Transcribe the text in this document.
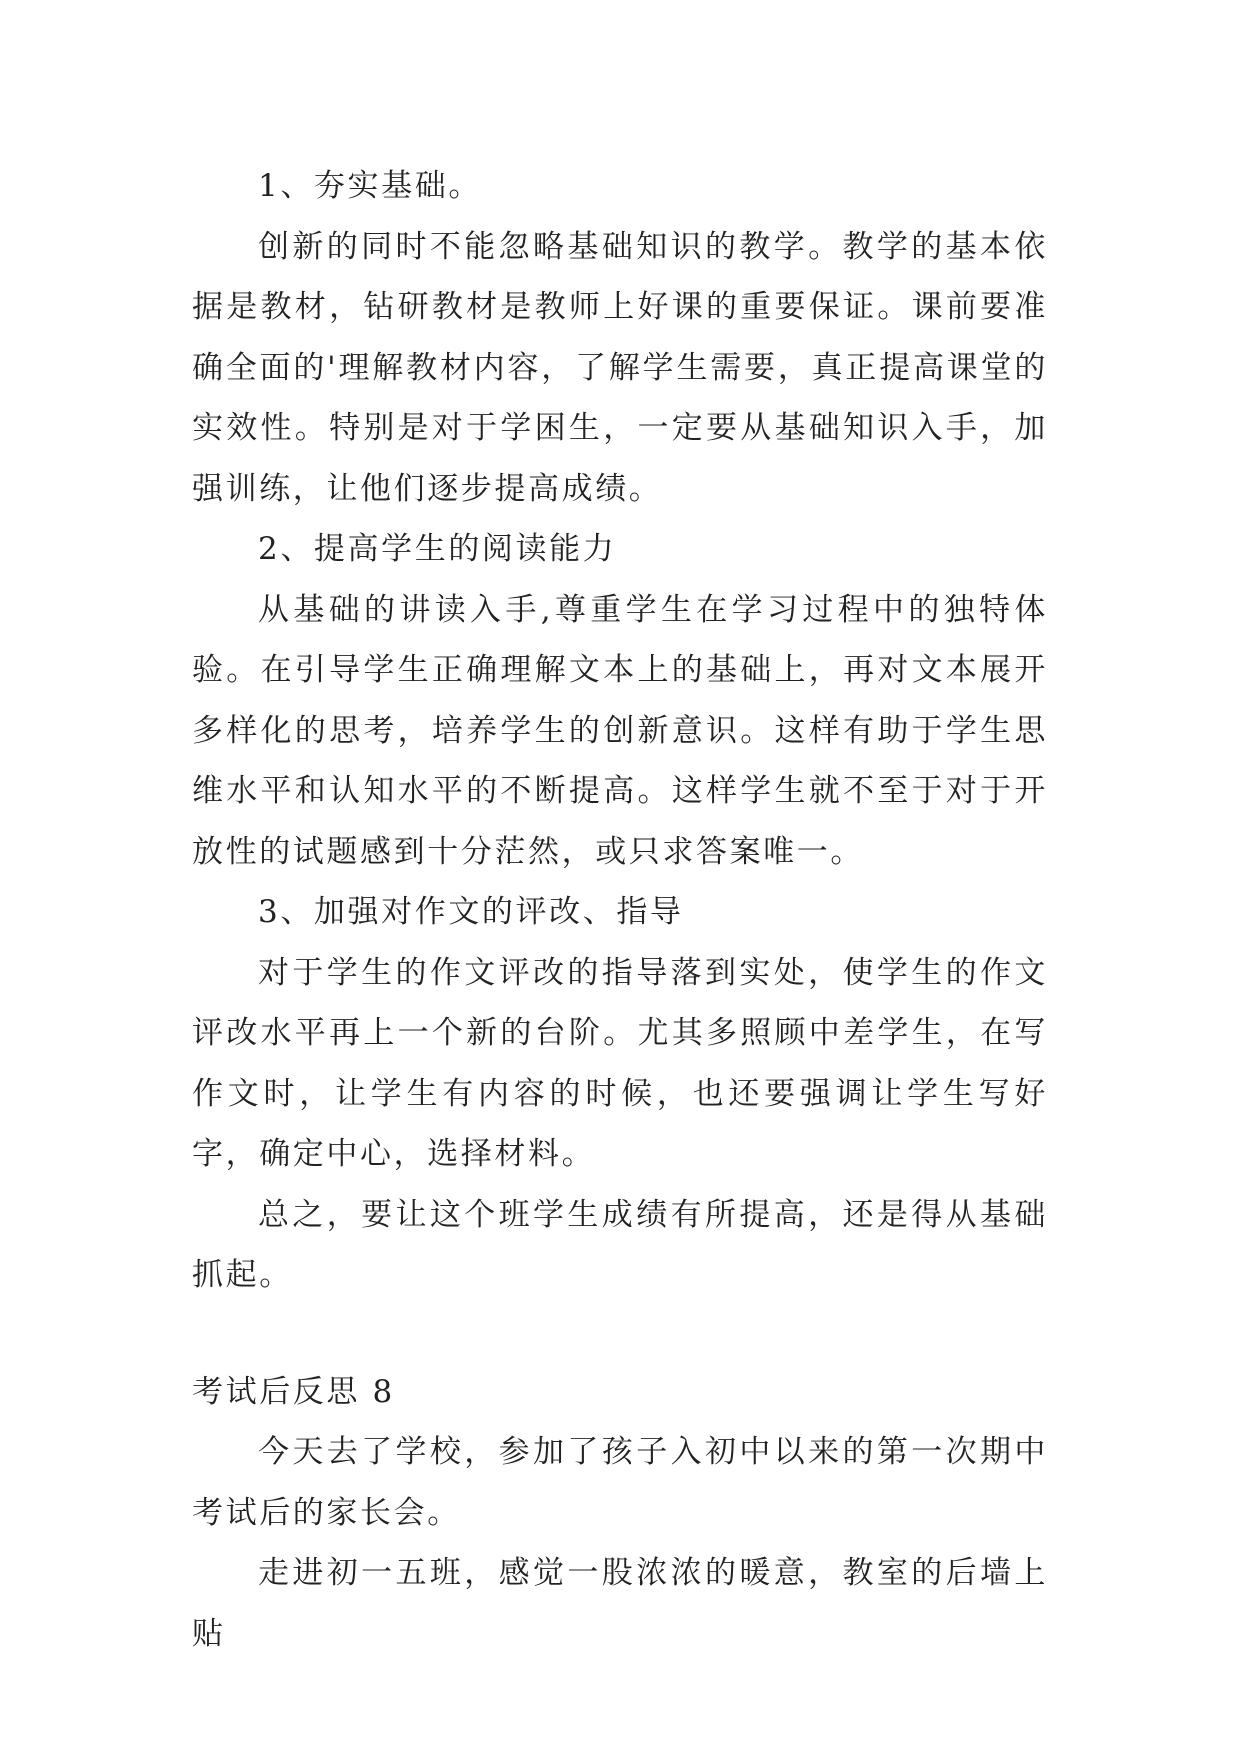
1、夯实基础。

创新的同时不能忽略基础知识的教学。教学的基本依据是教材，钻研教材是教师上好课的重要保证。课前要准确全面的'理解教材内容，了解学生需要，真正提高课堂的实效性。特别是对于学困生，一定要从基础知识入手，加强训练，让他们逐步提高成绩。

2、提高学生的阅读能力

从基础的讲读入手,尊重学生在学习过程中的独特体验。在引导学生正确理解文本上的基础上，再对文本展开多样化的思考，培养学生的创新意识。这样有助于学生思维水平和认知水平的不断提高。这样学生就不至于对于开放性的试题感到十分茫然，或只求答案唯一。

3、加强对作文的评改、指导

对于学生的作文评改的指导落到实处，使学生的作文评改水平再上一个新的台阶。尤其多照顾中差学生，在写作文时，让学生有内容的时候，也还要强调让学生写好字，确定中心，选择材料。

总之，要让这个班学生成绩有所提高，还是得从基础抓起。

考试后反思 8

今天去了学校，参加了孩子入初中以来的第一次期中考试后的家长会。

走进初一五班，感觉一股浓浓的暖意，教室的后墙上贴
